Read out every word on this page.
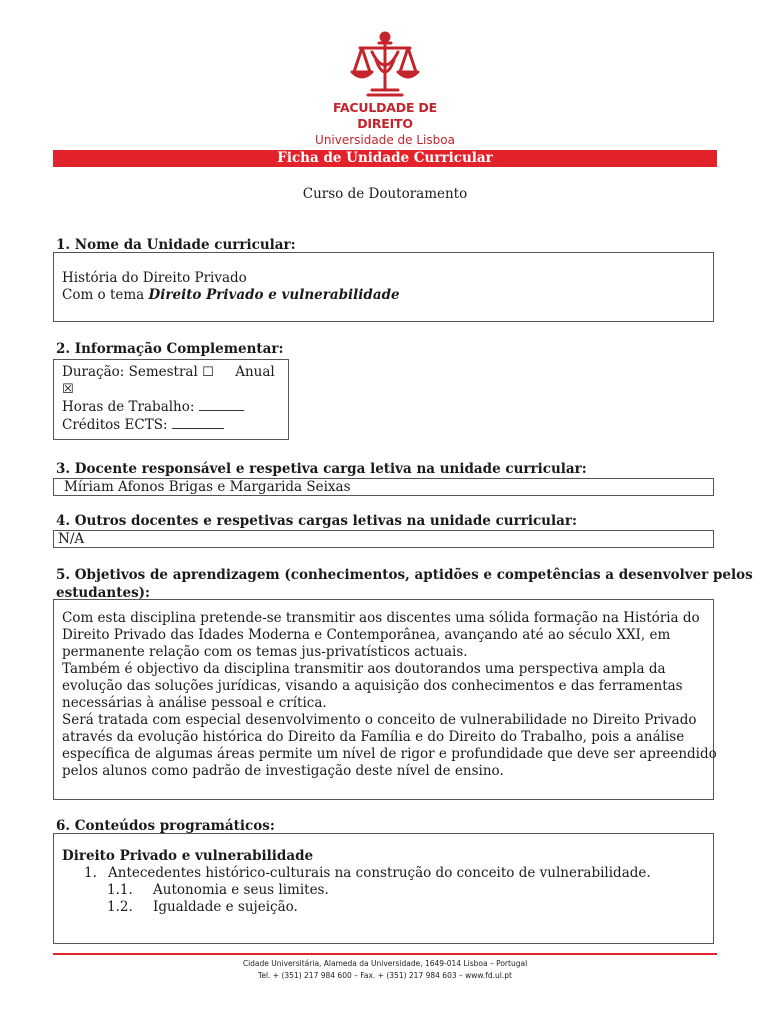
FACULDADE DE DIREITO
Universidade de Lisboa
Ficha de Unidade Curricular
Curso de Doutoramento
1. Nome da Unidade curricular:

História do Direito Privado

Com o tema Direito Privado e vulnerabilidade

2. Informação Complementar:

Duração: Semestral ☐ Anual

☒

Horas de Trabalho:

Créditos ECTS:

3. Docente responsável e respetiva carga letiva na unidade curricular:
Míriam Afonos Brigas e Margarida Seixas
4. Outros docentes e respetivas cargas letivas na unidade curricular:
N/A
5. Objetivos de aprendizagem (conhecimentos, aptidões e competências a desenvolver pelos
estudantes):

Com esta disciplina pretende-se transmitir aos discentes uma sólida formação na História do

Direito Privado das Idades Moderna e Contemporânea, avançando até ao século XXI, em

permanente relação com os temas jus-privatísticos actuais.

Também é objectivo da disciplina transmitir aos doutorandos uma perspectiva ampla da

evolução das soluções jurídicas, visando a aquisição dos conhecimentos e das ferramentas

necessárias à análise pessoal e crítica.

Será tratada com especial desenvolvimento o conceito de vulnerabilidade no Direito Privado

através da evolução histórica do Direito da Família e do Direito do Trabalho, pois a análise

específica de algumas áreas permite um nível de rigor e profundidade que deve ser apreendido

pelos alunos como padrão de investigação deste nível de ensino.

6. Conteúdos programáticos:

Direito Privado e vulnerabilidade

1. Antecedentes histórico-culturais na construção do conceito de vulnerabilidade.

1.1. Autonomia e seus limites.

1.2. Igualdade e sujeição.

Cidade Universitária, Alameda da Universidade, 1649-014 Lisboa – Portugal
Tel. + (351) 217 984 600 – Fax. + (351) 217 984 603 – www.fd.ul.pt
